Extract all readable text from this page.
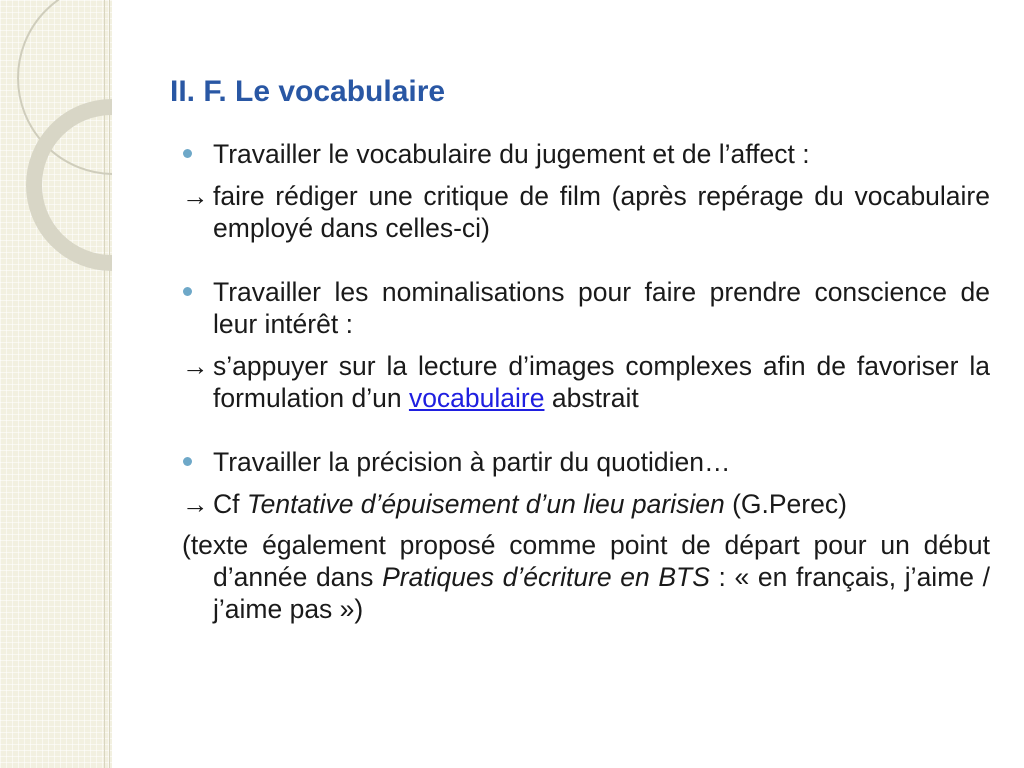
II. F. Le vocabulaire

Travailler le vocabulaire du jugement et de l’affect :

→ faire rédiger une critique de film (après repérage du vocabulaire employé dans celles-ci)

Travailler les nominalisations pour faire prendre conscience de leur intérêt :

→ s’appuyer sur la lecture d’images complexes afin de favoriser la formulation d’un vocabulaire abstrait

Travailler la précision à partir du quotidien…

→ Cf Tentative d’épuisement d’un lieu parisien (G.Perec)

(texte également proposé comme point de départ pour un début d’année dans Pratiques d’écriture en BTS : « en français, j’aime / j’aime pas »)
